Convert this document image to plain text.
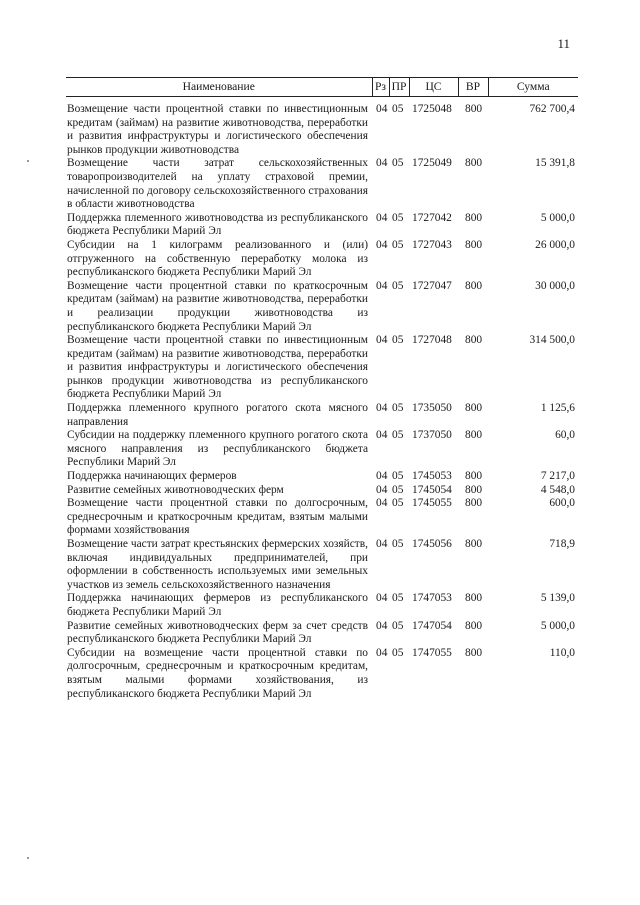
11
Наименование	Рз	ПР	ЦС	ВР	Сумма
Возмещение части процентной ставки по инвестиционным кредитам (займам) на развитие животноводства, переработки и развития инфраструктуры и логистического обеспечения рынков продукции животноводства	04	05	1725048	800	762 700,4
Возмещение части затрат сельскохозяйственных товаропроизводителей на уплату страховой премии, начисленной по договору сельскохозяйственного страхования в области животноводства	04	05	1725049	800	15 391,8
Поддержка племенного животноводства из республиканского бюджета Республики Марий Эл	04	05	1727042	800	5 000,0
Субсидии на 1 килограмм реализованного и (или) отгруженного на собственную переработку молока из республиканского бюджета Республики Марий Эл	04	05	1727043	800	26 000,0
Возмещение части процентной ставки по краткосрочным кредитам (займам) на развитие животноводства, переработки и реализации продукции животноводства из республиканского бюджета Республики Марий Эл	04	05	1727047	800	30 000,0
Возмещение части процентной ставки по инвестиционным кредитам (займам) на развитие животноводства, переработки и развития инфраструктуры и логистического обеспечения рынков продукции животноводства из республиканского бюджета Республики Марий Эл	04	05	1727048	800	314 500,0
Поддержка племенного крупного рогатого скота мясного направления	04	05	1735050	800	1 125,6
Субсидии на поддержку племенного крупного рогатого скота мясного направления из республиканского бюджета Республики Марий Эл	04	05	1737050	800	60,0
Поддержка начинающих фермеров	04	05	1745053	800	7 217,0
Развитие семейных животноводческих ферм	04	05	1745054	800	4 548,0
Возмещение части процентной ставки по долгосрочным, среднесрочным и краткосрочным кредитам, взятым малыми формами хозяйствования	04	05	1745055	800	600,0
Возмещение части затрат крестьянских фермерских хозяйств, включая индивидуальных предпринимателей, при оформлении в собственность используемых ими земельных участков из земель сельскохозяйственного назначения	04	05	1745056	800	718,9
Поддержка начинающих фермеров из республиканского бюджета Республики Марий Эл	04	05	1747053	800	5 139,0
Развитие семейных животноводческих ферм за счет средств республиканского бюджета Республики Марий Эл	04	05	1747054	800	5 000,0
Субсидии на возмещение части процентной ставки по долгосрочным, среднесрочным и краткосрочным кредитам, взятым малыми формами хозяйствования, из республиканского бюджета Республики Марий Эл	04	05	1747055	800	110,0
